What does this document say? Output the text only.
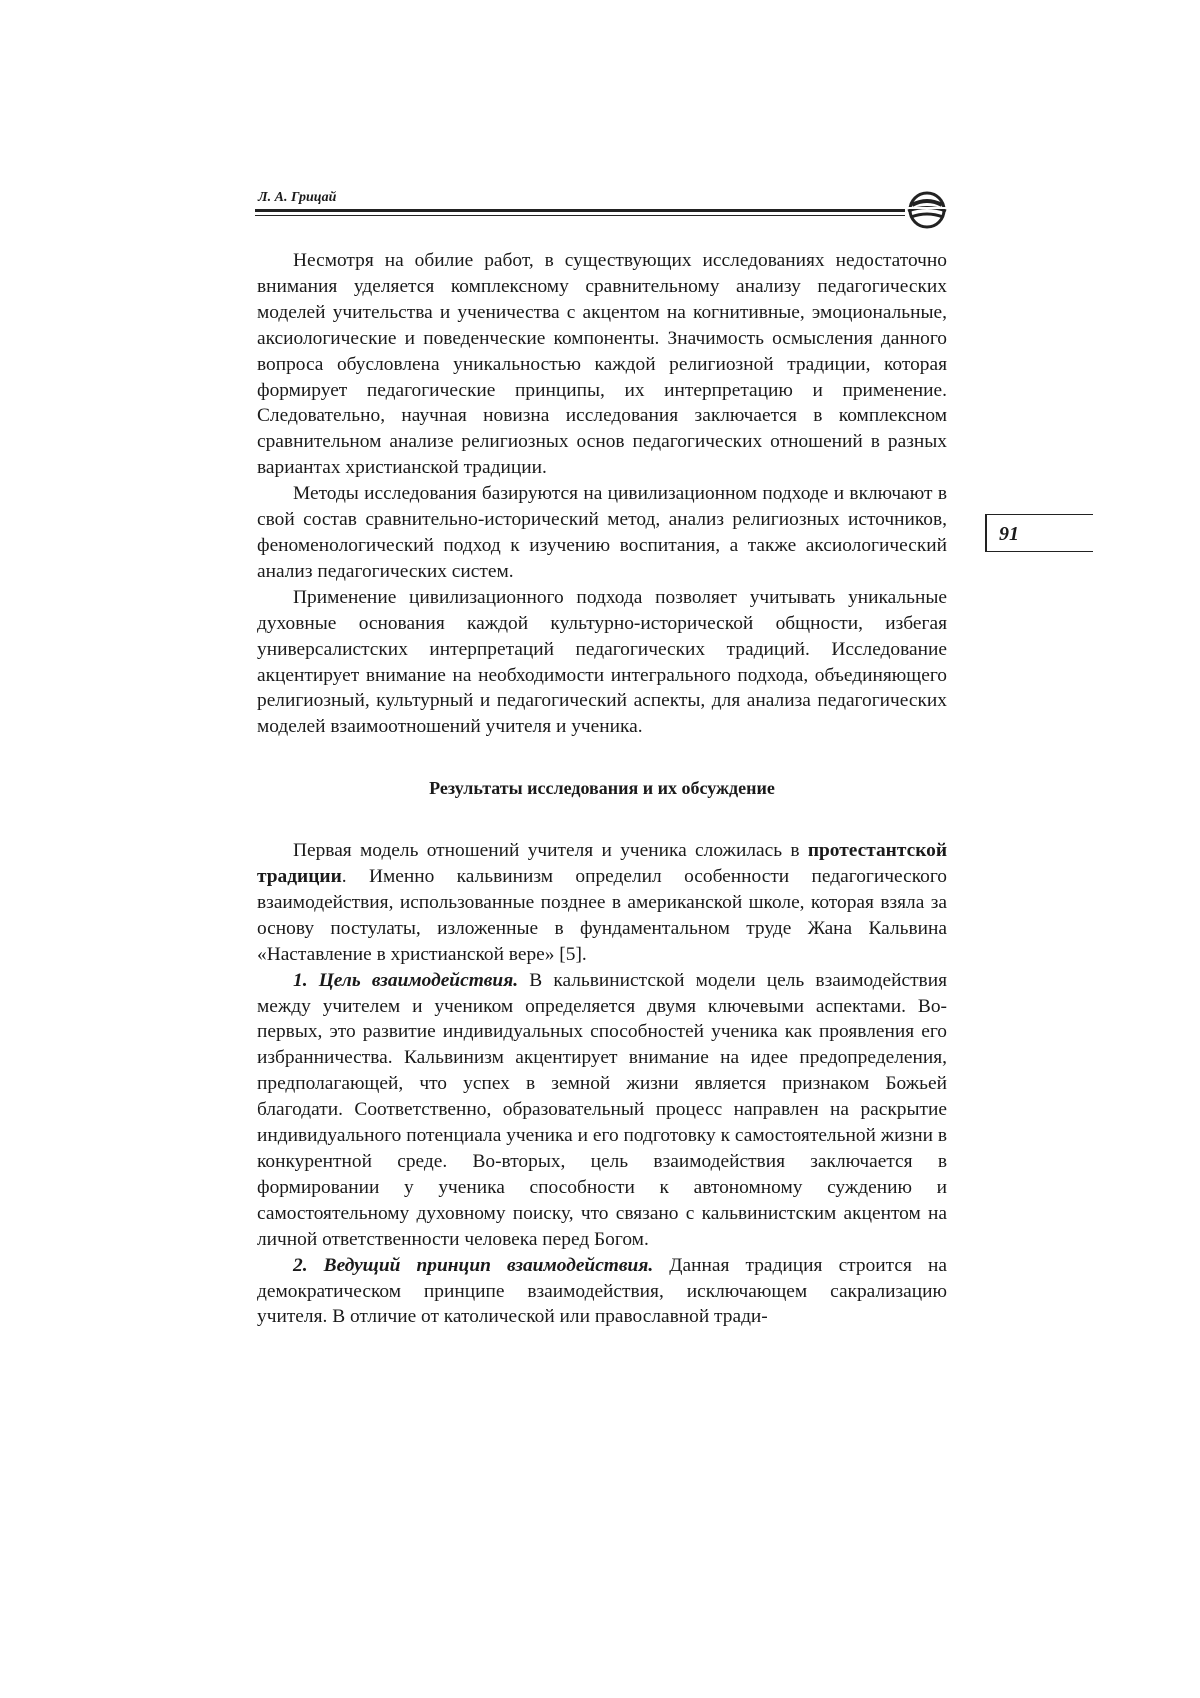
Л. А. Грицай
91

Несмотря на обилие работ, в существующих исследованиях недостаточно внимания уделяется комплексному сравнительному анализу педагогических моделей учительства и ученичества с акцентом на когнитивные, эмоциональные, аксиологические и поведенческие компоненты. Значимость осмысления данного вопроса обусловлена уникальностью каждой религиозной традиции, которая формирует педагогические принципы, их интерпретацию и применение. Следовательно, научная новизна исследования заключается в комплексном сравнительном анализе религиозных основ педагогических отношений в разных вариантах христианской традиции.

Методы исследования базируются на цивилизационном подходе и включают в свой состав сравнительно-исторический метод, анализ религиозных источников, феноменологический подход к изучению воспитания, а также аксиологический анализ педагогических систем.

Применение цивилизационного подхода позволяет учитывать уникальные духовные основания каждой культурно-исторической общности, избегая универсалистских интерпретаций педагогических традиций. Исследование акцентирует внимание на необходимости интегрального подхода, объединяющего религиозный, культурный и педагогический аспекты, для анализа педагогических моделей взаимоотношений учителя и ученика.

Результаты исследования и их обсуждение

Первая модель отношений учителя и ученика сложилась в протестантской традиции. Именно кальвинизм определил особенности педагогического взаимодействия, использованные позднее в американской школе, которая взяла за основу постулаты, изложенные в фундаментальном труде Жана Кальвина «Наставление в христианской вере» [5].

1. Цель взаимодействия. В кальвинистской модели цель взаимодействия между учителем и учеником определяется двумя ключевыми аспектами. Во-первых, это развитие индивидуальных способностей ученика как проявления его избранничества. Кальвинизм акцентирует внимание на идее предопределения, предполагающей, что успех в земной жизни является признаком Божьей благодати. Соответственно, образовательный процесс направлен на раскрытие индивидуального потенциала ученика и его подготовку к самостоятельной жизни в конкурентной среде. Во-вторых, цель взаимодействия заключается в формировании у ученика способности к автономному суждению и самостоятельному духовному поиску, что связано с кальвинистским акцентом на личной ответственности человека перед Богом.

2. Ведущий принцип взаимодействия. Данная традиция строится на демократическом принципе взаимодействия, исключающем сакрализацию учителя. В отличие от католической или православной тради-
